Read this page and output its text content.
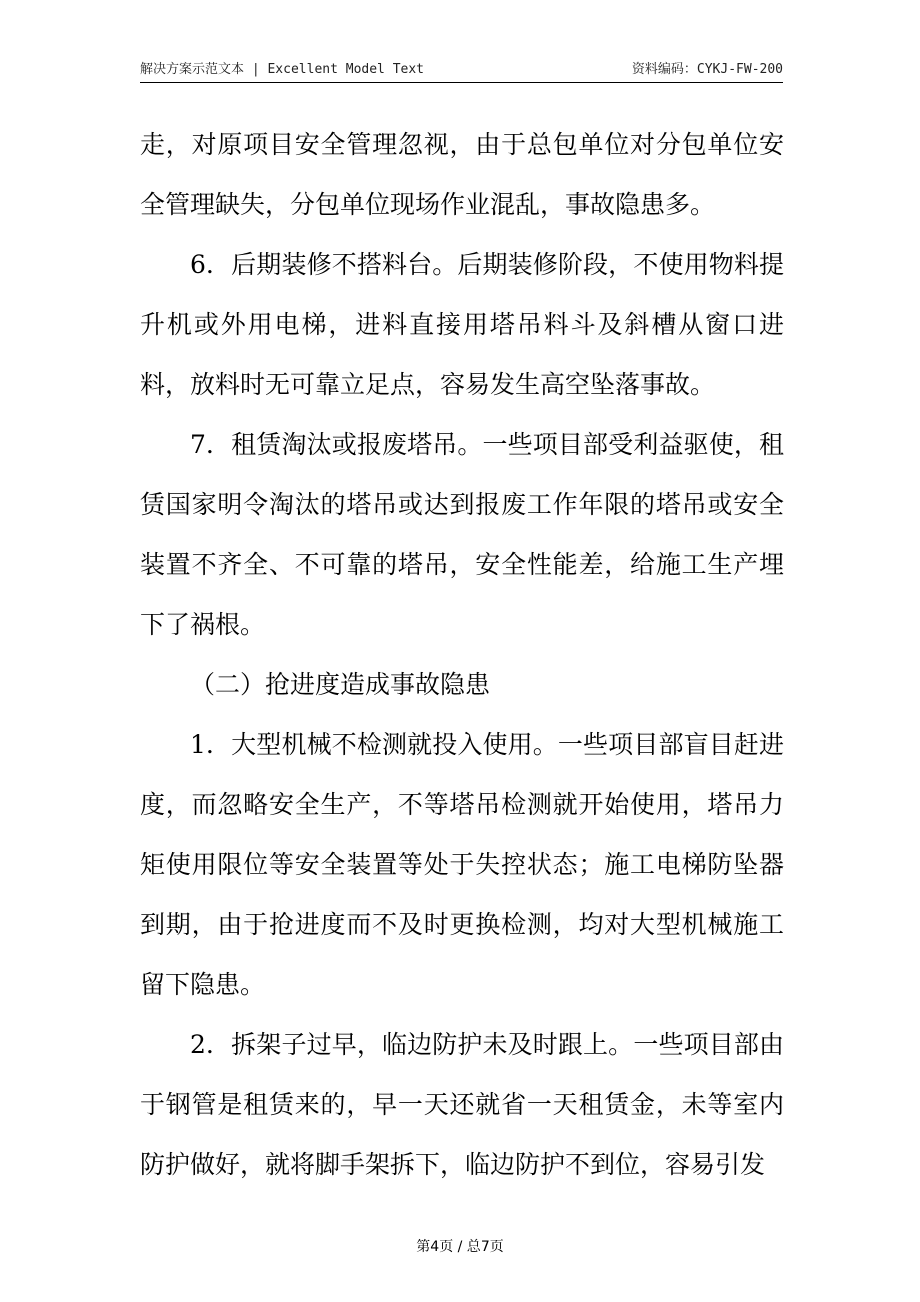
解决方案示范文本 | Excellent Model Text	资料编码：CYKJ-FW-200

走，对原项目安全管理忽视，由于总包单位对分包单位安全管理缺失，分包单位现场作业混乱，事故隐患多。

6．后期装修不搭料台。后期装修阶段，不使用物料提升机或外用电梯，进料直接用塔吊料斗及斜槽从窗口进料，放料时无可靠立足点，容易发生高空坠落事故。

7．租赁淘汰或报废塔吊。一些项目部受利益驱使，租赁国家明令淘汰的塔吊或达到报废工作年限的塔吊或安全装置不齐全、不可靠的塔吊，安全性能差，给施工生产埋下了祸根。

（二）抢进度造成事故隐患

1．大型机械不检测就投入使用。一些项目部盲目赶进度，而忽略安全生产，不等塔吊检测就开始使用，塔吊力矩使用限位等安全装置等处于失控状态；施工电梯防坠器到期，由于抢进度而不及时更换检测，均对大型机械施工留下隐患。

2．拆架子过早，临边防护未及时跟上。一些项目部由于钢管是租赁来的，早一天还就省一天租赁金，未等室内防护做好，就将脚手架拆下，临边防护不到位，容易引发

第4页 / 总7页
